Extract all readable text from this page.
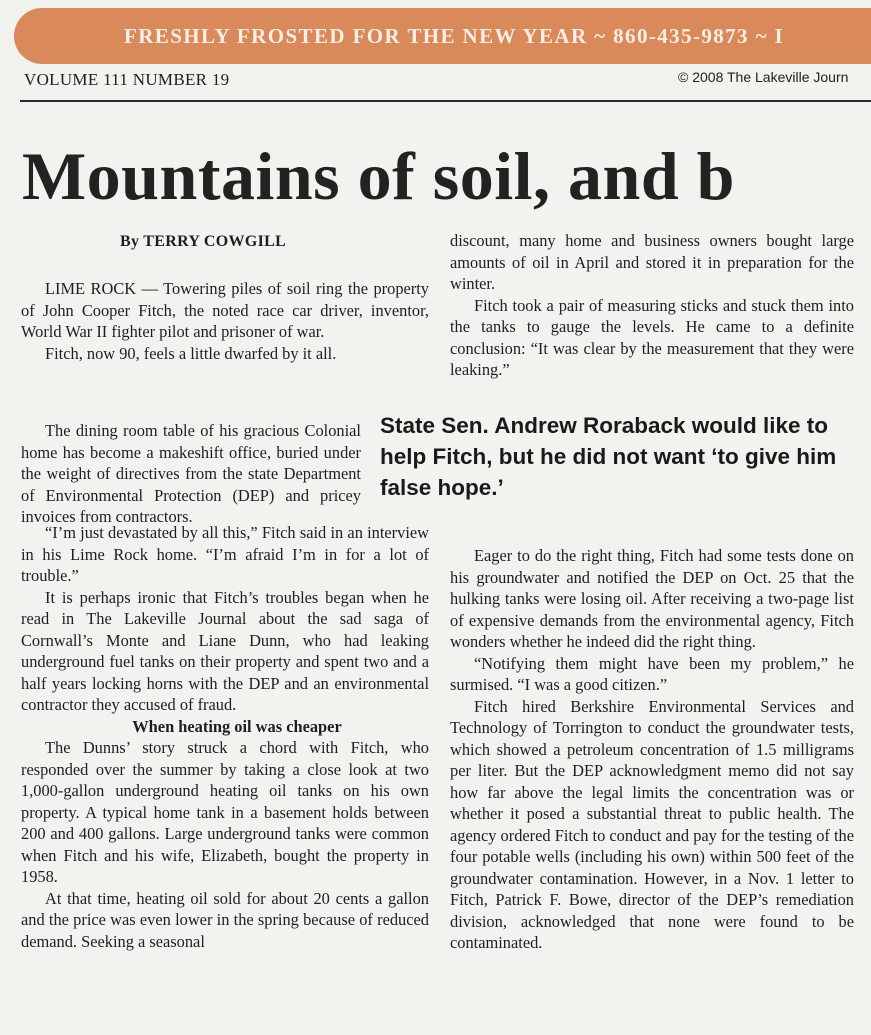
FRESHLY FROSTED FOR THE NEW YEAR ~ 860-435-9873 ~ I
VOLUME 111 NUMBER 19	© 2008 The Lakeville Journ
Mountains of soil, and b
By TERRY COWGILL

LIME ROCK — Towering piles of soil ring the property of John Cooper Fitch, the noted race car driver, inventor, World War II fighter pilot and prisoner of war.

Fitch, now 90, feels a little dwarfed by it all.

The dining room table of his gracious Colonial home has become a makeshift office, buried under the weight of directives from the state Department of Environmental Protection (DEP) and pricey invoices from contractors.

“I’m just devastated by all this,” Fitch said in an interview in his Lime Rock home. “I’m afraid I’m in for a lot of trouble.”

It is perhaps ironic that Fitch’s troubles began when he read in The Lakeville Journal about the sad saga of Cornwall’s Monte and Liane Dunn, who had leaking underground fuel tanks on their property and spent two and a half years locking horns with the DEP and an environmental contractor they accused of fraud.

When heating oil was cheaper

The Dunns’ story struck a chord with Fitch, who responded over the summer by taking a close look at two 1,000-gallon underground heating oil tanks on his own property. A typical home tank in a basement holds between 200 and 400 gallons. Large underground tanks were common when Fitch and his wife, Elizabeth, bought the property in 1958.

At that time, heating oil sold for about 20 cents a gallon and the price was even lower in the spring because of reduced demand. Seeking a seasonal

discount, many home and business owners bought large amounts of oil in April and stored it in preparation for the winter.

Fitch took a pair of measuring sticks and stuck them into the tanks to gauge the levels. He came to a definite conclusion: “It was clear by the measurement that they were leaking.”

State Sen. Andrew Roraback would like to help Fitch, but he did not want ‘to give him false hope.’

Eager to do the right thing, Fitch had some tests done on his groundwater and notified the DEP on Oct. 25 that the hulking tanks were losing oil. After receiving a two-page list of expensive demands from the environmental agency, Fitch wonders whether he indeed did the right thing.

“Notifying them might have been my problem,” he surmised. “I was a good citizen.”

Fitch hired Berkshire Environmental Services and Technology of Torrington to conduct the groundwater tests, which showed a petroleum concentration of 1.5 milligrams per liter. But the DEP acknowledgment memo did not say how far above the legal limits the concentration was or whether it posed a substantial threat to public health. The agency ordered Fitch to conduct and pay for the testing of the four potable wells (including his own) within 500 feet of the groundwater contamination. However, in a Nov. 1 letter to Fitch, Patrick F. Bowe, director of the DEP’s remediation division, acknowledged that none were found to be contaminated.
